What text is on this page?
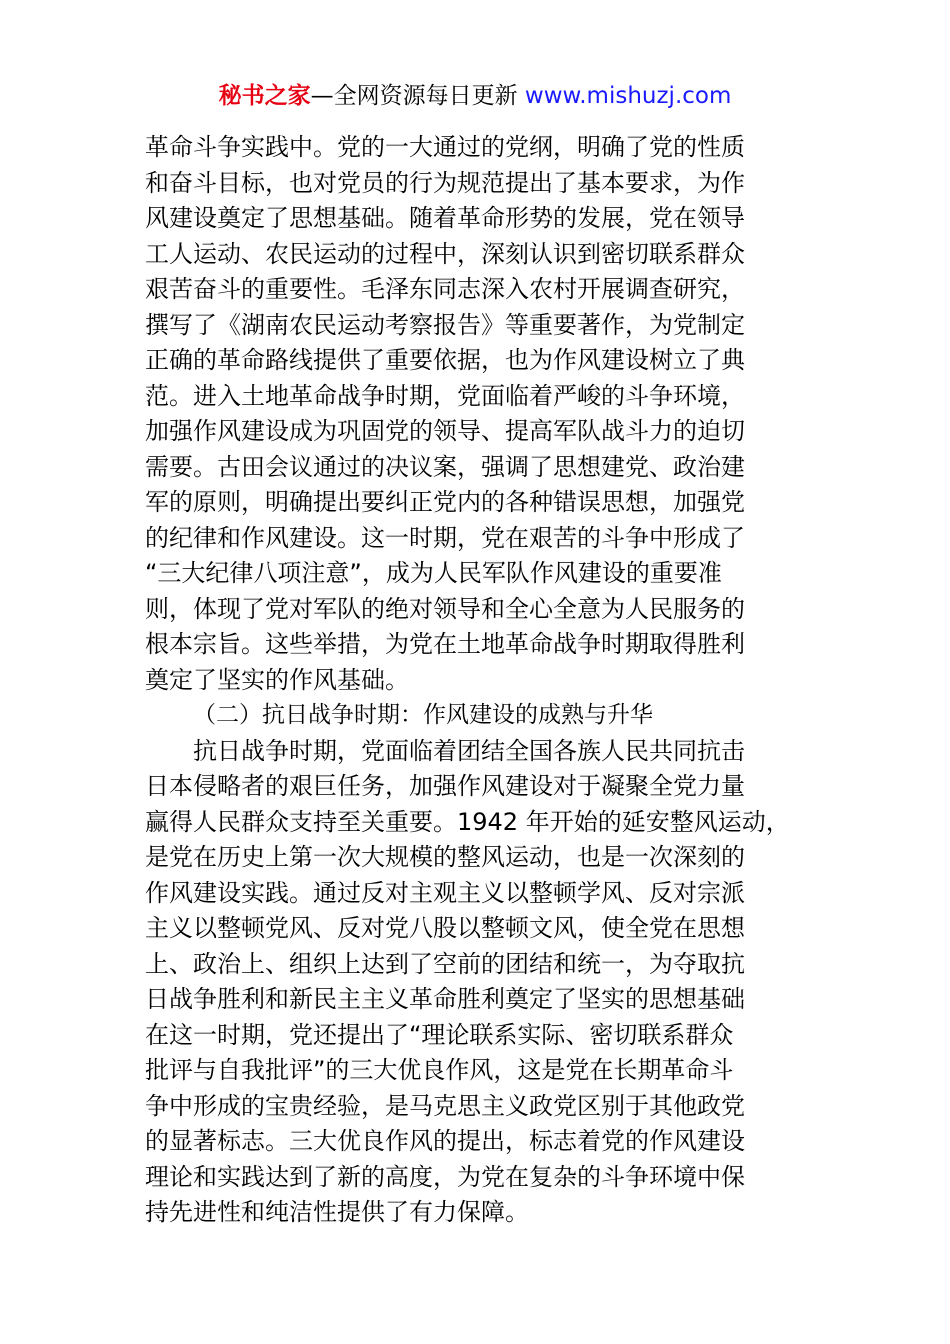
秘书之家—全网资源每日更新 www.mishuzj.com
革命斗争实践中。党的一大通过的党纲，明确了党的性质
和奋斗目标，也对党员的行为规范提出了基本要求，为作
风建设奠定了思想基础。随着革命形势的发展，党在领导
工人运动、农民运动的过程中，深刻认识到密切联系群众
艰苦奋斗的重要性。毛泽东同志深入农村开展调查研究，
撰写了《湖南农民运动考察报告》等重要著作，为党制定
正确的革命路线提供了重要依据，也为作风建设树立了典
范。进入土地革命战争时期，党面临着严峻的斗争环境，
加强作风建设成为巩固党的领导、提高军队战斗力的迫切
需要。古田会议通过的决议案，强调了思想建党、政治建
军的原则，明确提出要纠正党内的各种错误思想，加强党
的纪律和作风建设。这一时期，党在艰苦的斗争中形成了
“三大纪律八项注意”，成为人民军队作风建设的重要准
则，体现了党对军队的绝对领导和全心全意为人民服务的
根本宗旨。这些举措，为党在土地革命战争时期取得胜利
奠定了坚实的作风基础。
（二）抗日战争时期：作风建设的成熟与升华
抗日战争时期，党面临着团结全国各族人民共同抗击
日本侵略者的艰巨任务，加强作风建设对于凝聚全党力量
赢得人民群众支持至关重要。1942 年开始的延安整风运动，
是党在历史上第一次大规模的整风运动，也是一次深刻的
作风建设实践。通过反对主观主义以整顿学风、反对宗派
主义以整顿党风、反对党八股以整顿文风，使全党在思想
上、政治上、组织上达到了空前的团结和统一，为夺取抗
日战争胜利和新民主主义革命胜利奠定了坚实的思想基础
在这一时期，党还提出了“理论联系实际、密切联系群众
批评与自我批评”的三大优良作风，这是党在长期革命斗
争中形成的宝贵经验，是马克思主义政党区别于其他政党
的显著标志。三大优良作风的提出，标志着党的作风建设
理论和实践达到了新的高度，为党在复杂的斗争环境中保
持先进性和纯洁性提供了有力保障。
